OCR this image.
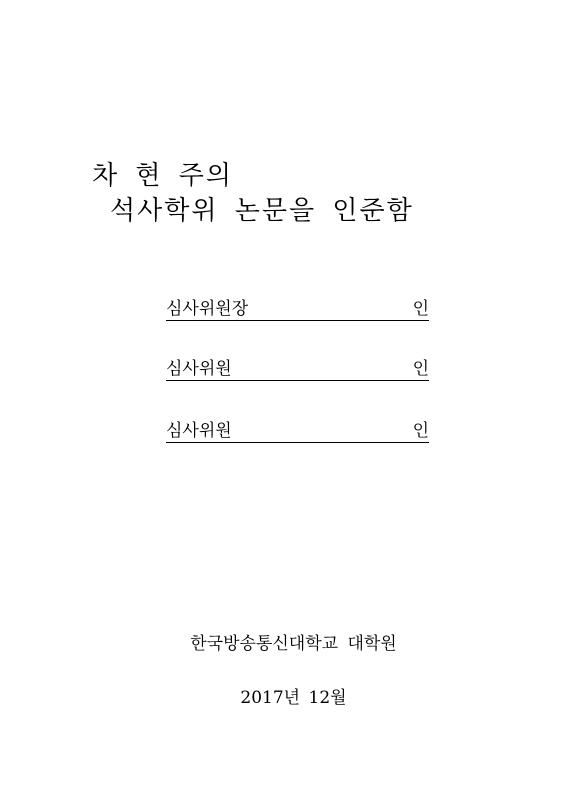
차 현 주의
석사학위 논문을 인준함
심사위원장	인
심사위원	인
심사위원	인
한국방송통신대학교 대학원
2017년 12월
